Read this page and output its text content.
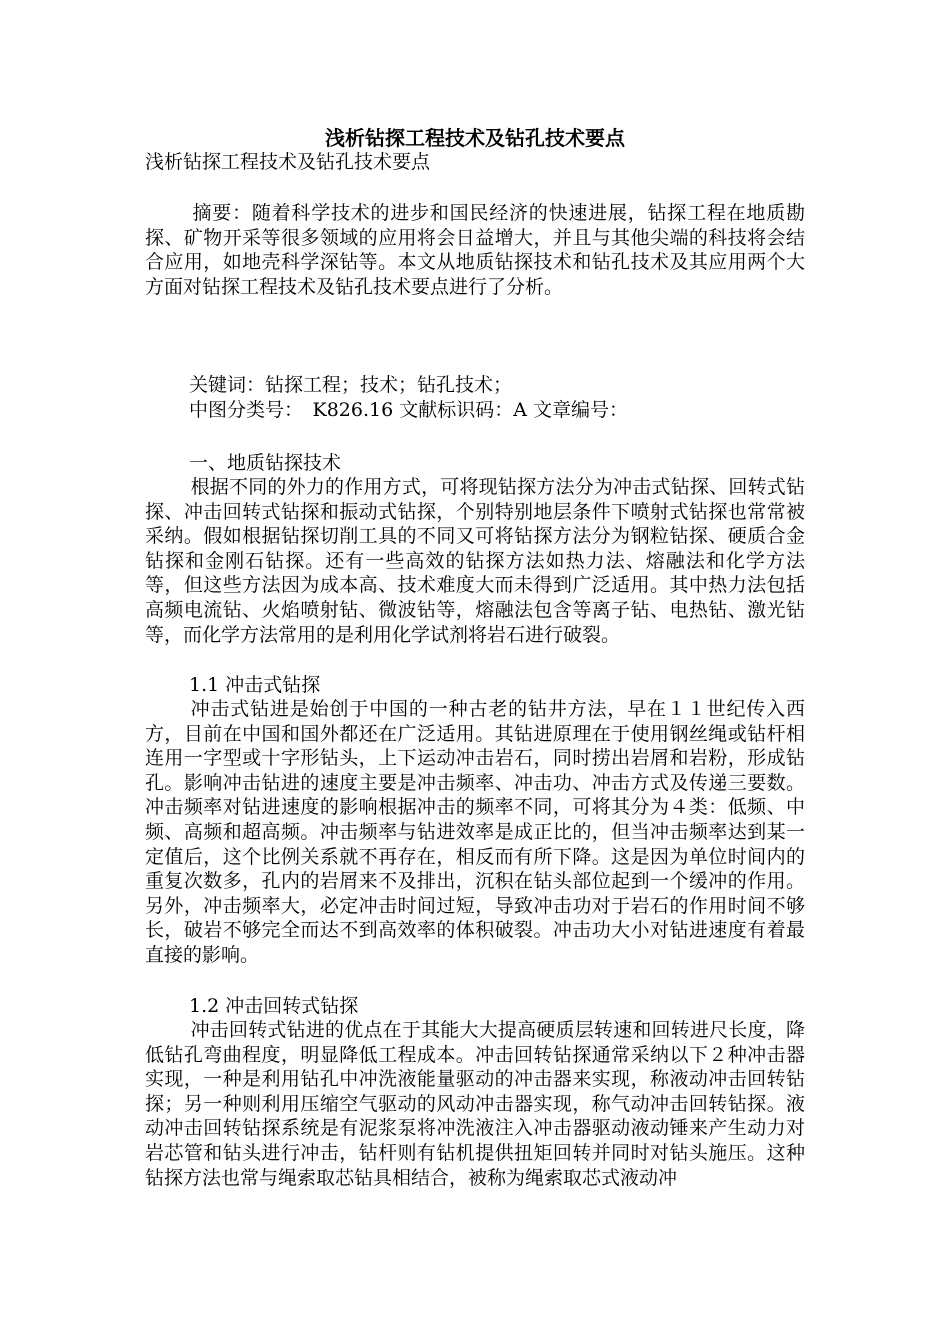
浅析钻探工程技术及钻孔技术要点

浅析钻探工程技术及钻孔技术要点

摘要：随着科学技术的进步和国民经济的快速进展，钻探工程在地质勘探、矿物开采等很多领域的应用将会日益增大，并且与其他尖端的科技将会结合应用，如地壳科学深钻等。本文从地质钻探技术和钻孔技术及其应用两个大方面对钻探工程技术及钻孔技术要点进行了分析。

关键词：钻探工程；技术；钻孔技术；

中图分类号：　K826.16 文献标识码：A 文章编号：

一、地质钻探技术

根据不同的外力的作用方式，可将现钻探方法分为冲击式钻探、回转式钻探、冲击回转式钻探和振动式钻探，个别特别地层条件下喷射式钻探也常常被采纳。假如根据钻探切削工具的不同又可将钻探方法分为钢粒钻探、硬质合金钻探和金刚石钻探。还有一些高效的钻探方法如热力法、熔融法和化学方法等，但这些方法因为成本高、技术难度大而未得到广泛适用。其中热力法包括高频电流钻、火焰喷射钻、微波钻等，熔融法包含等离子钻、电热钻、激光钻等，而化学方法常用的是利用化学试剂将岩石进行破裂。

1.1 冲击式钻探

冲击式钻进是始创于中国的一种古老的钻井方法，早在１１世纪传入西方，目前在中国和国外都还在广泛适用。其钻进原理在于使用钢丝绳或钻杆相连用一字型或十字形钻头，上下运动冲击岩石，同时捞出岩屑和岩粉，形成钻孔。影响冲击钻进的速度主要是冲击频率、冲击功、冲击方式及传递三要数。冲击频率对钻进速度的影响根据冲击的频率不同，可将其分为４类：低频、中频、高频和超高频。冲击频率与钻进效率是成正比的，但当冲击频率达到某一定值后，这个比例关系就不再存在，相反而有所下降。这是因为单位时间内的重复次数多，孔内的岩屑来不及排出，沉积在钻头部位起到一个缓冲的作用。另外，冲击频率大，必定冲击时间过短，导致冲击功对于岩石的作用时间不够长，破岩不够完全而达不到高效率的体积破裂。冲击功大小对钻进速度有着最直接的影响。

1.2 冲击回转式钻探

冲击回转式钻进的优点在于其能大大提高硬质层转速和回转进尺长度，降低钻孔弯曲程度，明显降低工程成本。冲击回转钻探通常采纳以下２种冲击器实现，一种是利用钻孔中冲洗液能量驱动的冲击器来实现，称液动冲击回转钻探；另一种则利用压缩空气驱动的风动冲击器实现，称气动冲击回转钻探。液动冲击回转钻探系统是有泥浆泵将冲洗液注入冲击器驱动液动锤来产生动力对岩芯管和钻头进行冲击，钻杆则有钻机提供扭矩回转并同时对钻头施压。这种钻探方法也常与绳索取芯钻具相结合，被称为绳索取芯式液动冲
